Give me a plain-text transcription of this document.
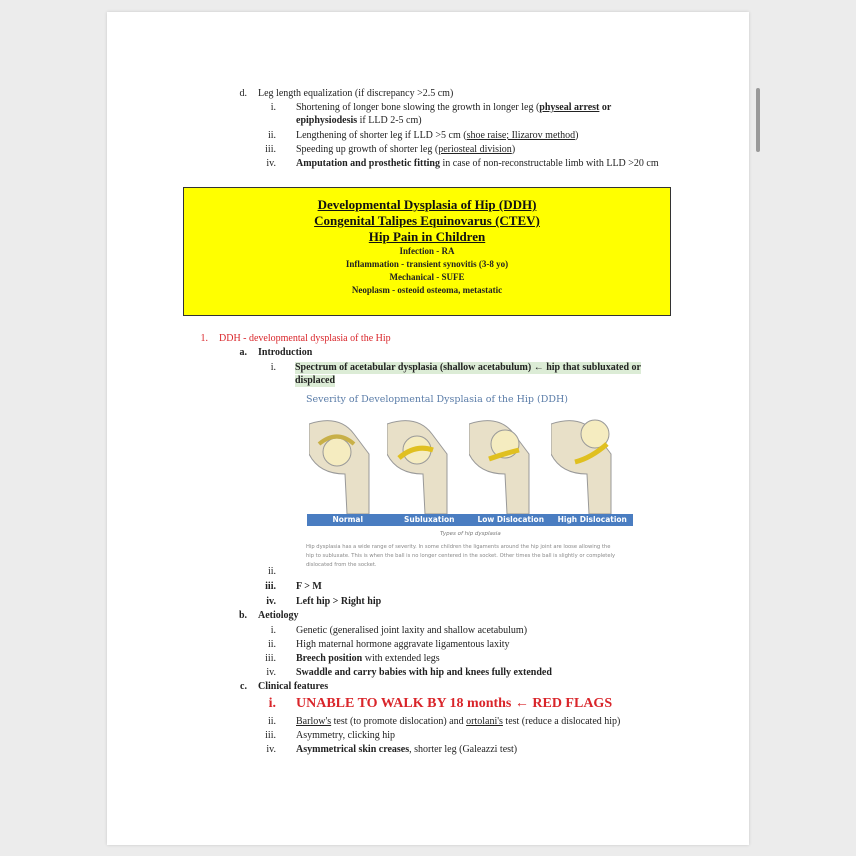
d. Leg length equalization (if discrepancy >2.5 cm)
i. Shortening of longer bone slowing the growth in longer leg (physeal arrest or
epiphysiodesis if LLD 2-5 cm)
ii. Lengthening of shorter leg if LLD >5 cm (shoe raise; Ilizarov method)
iii. Speeding up growth of shorter leg (periosteal division)
iv. Amputation and prosthetic fitting in case of non-reconstructable limb with LLD >20 cm
Developmental Dysplasia of Hip (DDH)
Congenital Talipes Equinovarus (CTEV)
Hip Pain in Children
Infection - RA
Inflammation - transient synovitis (3-8 yo)
Mechanical - SUFE
Neoplasm - osteoid osteoma, metastatic
1. DDH - developmental dysplasia of the Hip
a. Introduction
i. Spectrum of acetabular dysplasia (shallow acetabulum) ← hip that subluxated or
displaced
Severity of Developmental Dysplasia of the Hip (DDH)
Normal	Subluxation	Low Dislocation	High Dislocation
Types of hip dysplasia
Hip dysplasia has a wide range of severity. In some children the ligaments around the hip joint are loose allowing the
hip to subluxate. This is when the ball is no longer centered in the socket. Other times the ball is slightly or completely
dislocated from the socket.
ii.
iii. F > M
iv. Left hip > Right hip
b. Aetiology
i. Genetic (generalised joint laxity and shallow acetabulum)
ii. High maternal hormone aggravate ligamentous laxity
iii. Breech position with extended legs
iv. Swaddle and carry babies with hip and knees fully extended
c. Clinical features
i. UNABLE TO WALK BY 18 months ← RED FLAGS
ii. Barlow's test (to promote dislocation) and ortolani's test (reduce a dislocated hip)
iii. Asymmetry, clicking hip
iv. Asymmetrical skin creases, shorter leg (Galeazzi test)
